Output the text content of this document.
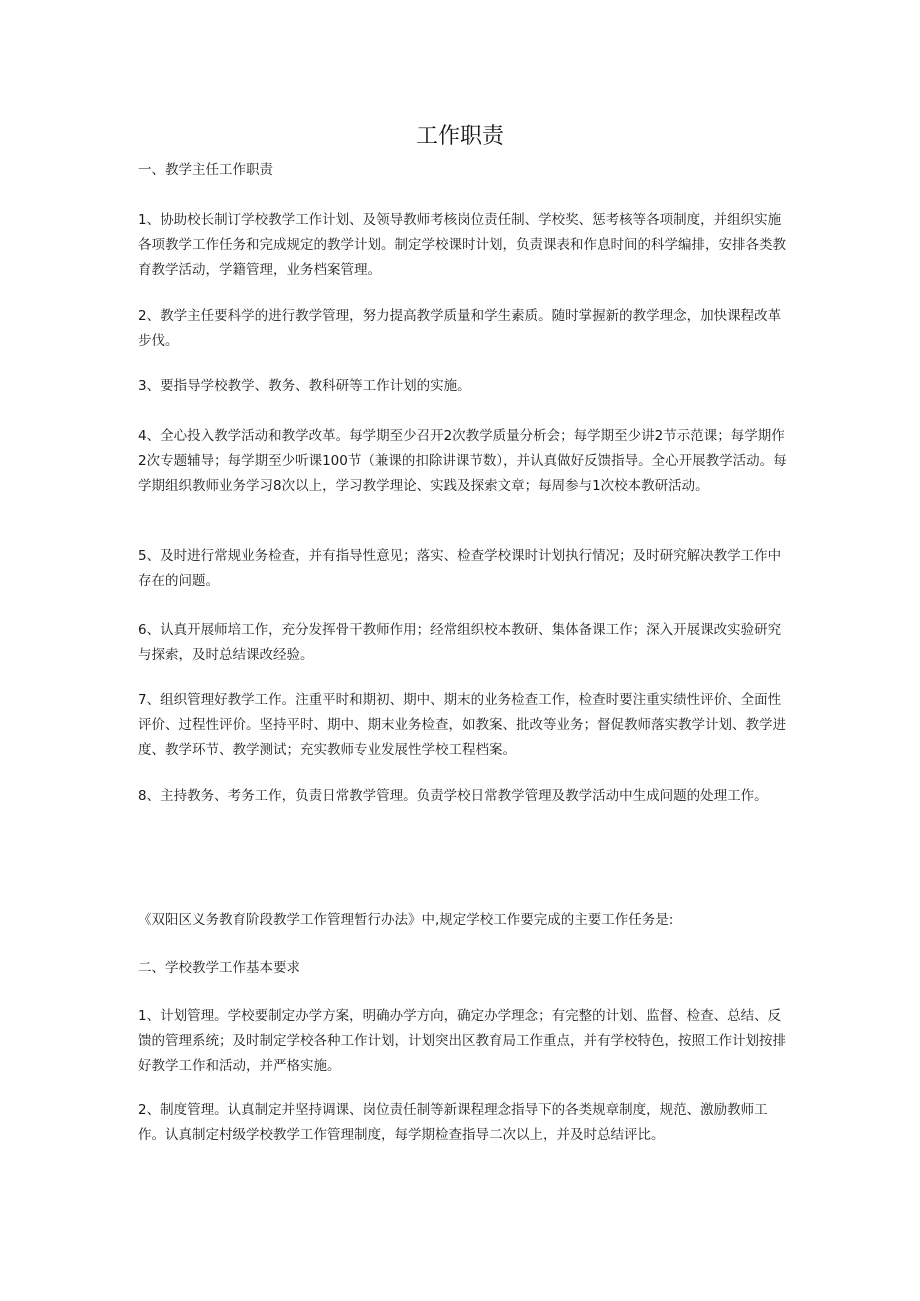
工作职责

一、教学主任工作职责

1、协助校长制订学校教学工作计划、及领导教师考核岗位责任制、学校奖、惩考核等各项制度，并组织实施各项教学工作任务和完成规定的教学计划。制定学校课时计划，负责课表和作息时间的科学编排，安排各类教育教学活动，学籍管理，业务档案管理。

2、教学主任要科学的进行教学管理，努力提高教学质量和学生素质。随时掌握新的教学理念，加快课程改革步伐。

3、要指导学校教学、教务、教科研等工作计划的实施。

4、全心投入教学活动和教学改革。每学期至少召开2次教学质量分析会；每学期至少讲2节示范课；每学期作2次专题辅导；每学期至少听课100节（兼课的扣除讲课节数），并认真做好反馈指导。全心开展教学活动。每学期组织教师业务学习8次以上，学习教学理论、实践及探索文章；每周参与1次校本教研活动。

5、及时进行常规业务检查，并有指导性意见；落实、检查学校课时计划执行情况；及时研究解决教学工作中存在的问题。

6、认真开展师培工作，充分发挥骨干教师作用；经常组织校本教研、集体备课工作；深入开展课改实验研究与探索，及时总结课改经验。

7、组织管理好教学工作。注重平时和期初、期中、期末的业务检查工作，检查时要注重实绩性评价、全面性评价、过程性评价。坚持平时、期中、期末业务检查，如教案、批改等业务；督促教师落实教学计划、教学进度、教学环节、教学测试；充实教师专业发展性学校工程档案。

8、主持教务、考务工作，负责日常教学管理。负责学校日常教学管理及教学活动中生成问题的处理工作。

《双阳区义务教育阶段教学工作管理暂行办法》中,规定学校工作要完成的主要工作任务是:

二、学校教学工作基本要求

1、计划管理。学校要制定办学方案，明确办学方向，确定办学理念；有完整的计划、监督、检查、总结、反馈的管理系统；及时制定学校各种工作计划，计划突出区教育局工作重点，并有学校特色，按照工作计划按排好教学工作和活动，并严格实施。

2、制度管理。认真制定并坚持调课、岗位责任制等新课程理念指导下的各类规章制度，规范、激励教师工作。认真制定村级学校教学工作管理制度，每学期检查指导二次以上，并及时总结评比。
